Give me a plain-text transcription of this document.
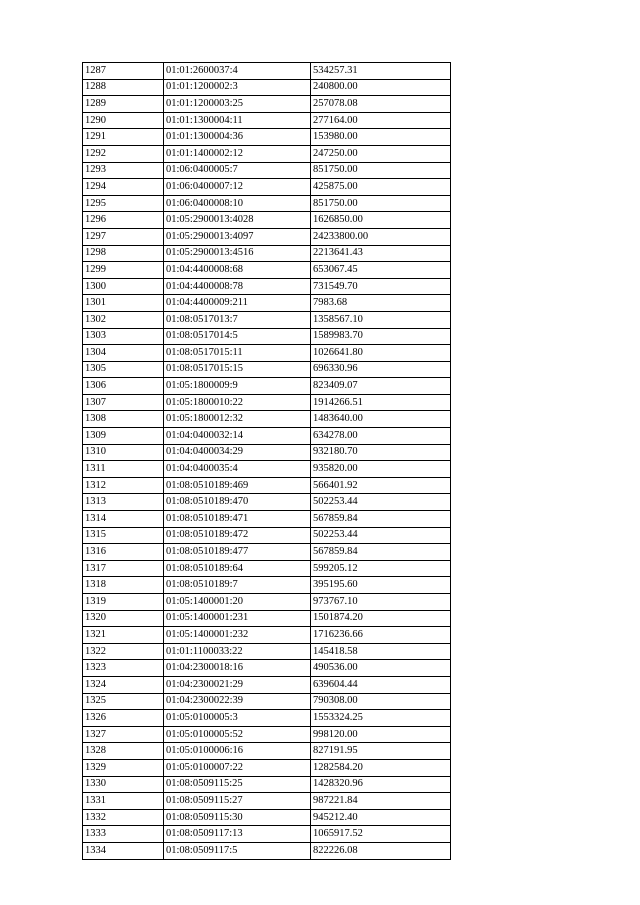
1287	01:01:2600037:4	534257.31
1288	01:01:1200002:3	240800.00
1289	01:01:1200003:25	257078.08
1290	01:01:1300004:11	277164.00
1291	01:01:1300004:36	153980.00
1292	01:01:1400002:12	247250.00
1293	01:06:0400005:7	851750.00
1294	01:06:0400007:12	425875.00
1295	01:06:0400008:10	851750.00
1296	01:05:2900013:4028	1626850.00
1297	01:05:2900013:4097	24233800.00
1298	01:05:2900013:4516	2213641.43
1299	01:04:4400008:68	653067.45
1300	01:04:4400008:78	731549.70
1301	01:04:4400009:211	7983.68
1302	01:08:0517013:7	1358567.10
1303	01:08:0517014:5	1589983.70
1304	01:08:0517015:11	1026641.80
1305	01:08:0517015:15	696330.96
1306	01:05:1800009:9	823409.07
1307	01:05:1800010:22	1914266.51
1308	01:05:1800012:32	1483640.00
1309	01:04:0400032:14	634278.00
1310	01:04:0400034:29	932180.70
1311	01:04:0400035:4	935820.00
1312	01:08:0510189:469	566401.92
1313	01:08:0510189:470	502253.44
1314	01:08:0510189:471	567859.84
1315	01:08:0510189:472	502253.44
1316	01:08:0510189:477	567859.84
1317	01:08:0510189:64	599205.12
1318	01:08:0510189:7	395195.60
1319	01:05:1400001:20	973767.10
1320	01:05:1400001:231	1501874.20
1321	01:05:1400001:232	1716236.66
1322	01:01:1100033:22	145418.58
1323	01:04:2300018:16	490536.00
1324	01:04:2300021:29	639604.44
1325	01:04:2300022:39	790308.00
1326	01:05:0100005:3	1553324.25
1327	01:05:0100005:52	998120.00
1328	01:05:0100006:16	827191.95
1329	01:05:0100007:22	1282584.20
1330	01:08:0509115:25	1428320.96
1331	01:08:0509115:27	987221.84
1332	01:08:0509115:30	945212.40
1333	01:08:0509117:13	1065917.52
1334	01:08:0509117:5	822226.08
